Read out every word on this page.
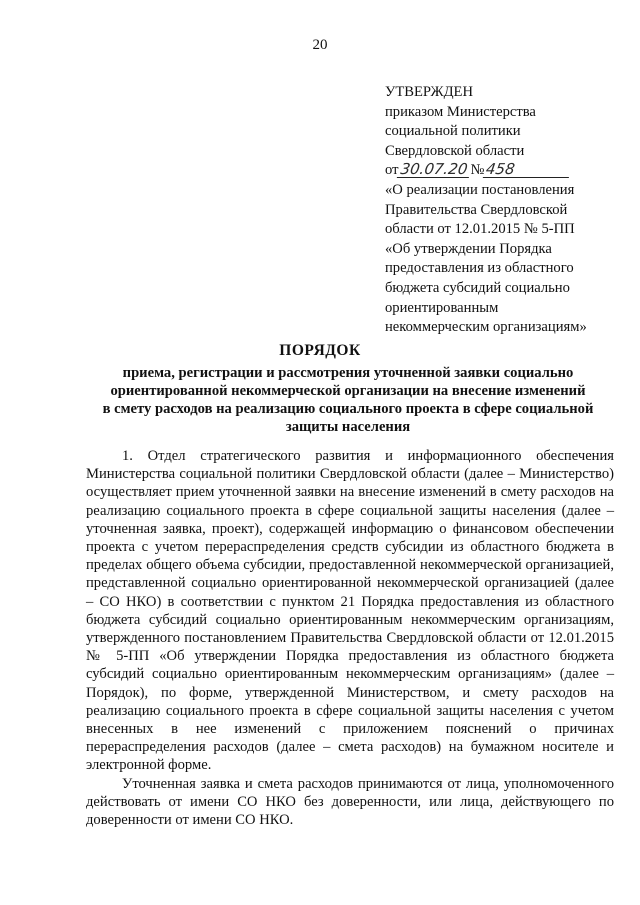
20
УТВЕРЖДЕН
приказом Министерства
социальной политики
Свердловской области
от30.07.20№458
«О реализации постановления
Правительства Свердловской
области от 12.01.2015 № 5-ПП
«Об утверждении Порядка
предоставления из областного
бюджета субсидий социально
ориентированным
некоммерческим организациям»
ПОРЯДОК
приема, регистрации и рассмотрения уточненной заявки социально
ориентированной некоммерческой организации на внесение изменений
в смету расходов на реализацию социального проекта в сфере социальной
защиты населения

1. Отдел стратегического развития и информационного обеспечения Министерства социальной политики Свердловской области (далее – Министерство) осуществляет прием уточненной заявки на внесение изменений в смету расходов на реализацию социального проекта в сфере социальной защиты населения (далее – уточненная заявка, проект), содержащей информацию о финансовом обеспечении проекта с учетом перераспределения средств субсидии из областного бюджета в пределах общего объема субсидии, предоставленной некоммерческой организацией, представленной социально ориентированной некоммерческой организацией (далее – СО НКО) в соответствии с пунктом 21 Порядка предоставления из областного бюджета субсидий социально ориентированным некоммерческим организациям, утвержденного постановлением Правительства Свердловской области от 12.01.2015 № 5-ПП «Об утверждении Порядка предоставления из областного бюджета субсидий социально ориентированным некоммерческим организациям» (далее – Порядок), по форме, утвержденной Министерством, и смету расходов на реализацию социального проекта в сфере социальной защиты населения с учетом внесенных в нее изменений с приложением пояснений о причинах перераспределения расходов (далее – смета расходов) на бумажном носителе и электронной форме.

Уточненная заявка и смета расходов принимаются от лица, уполномоченного действовать от имени СО НКО без доверенности, или лица, действующего по доверенности от имени СО НКО.
